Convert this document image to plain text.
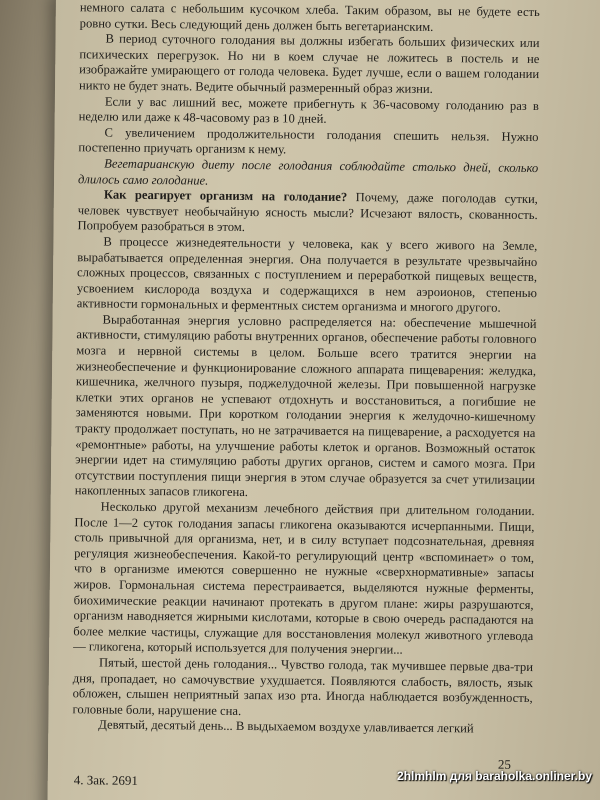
немного салата с небольшим кусочком хлеба. Таким образом, вы не будете есть ровно сутки. Весь следующий день должен быть вегетарианским.

В период суточного голодания вы должны избегать больших физических или психических перегрузок. Но ни в коем случае не ложитесь в постель и не изображайте умирающего от голода человека. Будет лучше, если о вашем голодании никто не будет знать. Ведите обычный размеренный образ жизни.

Если у вас лишний вес, можете прибегнуть к 36-часовому голоданию раз в неделю или даже к 48-часовому раз в 10 дней.

С увеличением продолжительности голодания спешить нельзя. Нужно постепенно приучать организм к нему.

Вегетарианскую диету после голодания соблюдайте столько дней, сколько длилось само голодание.

Как реагирует организм на голодание? Почему, даже поголодав сутки, человек чувствует необычайную ясность мысли? Исчезают вялость, скованность. Попробуем разобраться в этом.

В процессе жизнедеятельности у человека, как у всего живого на Земле, вырабатывается определенная энергия. Она получается в результате чрезвычайно сложных процессов, связанных с поступлением и переработкой пищевых веществ, усвоением кислорода воздуха и содержащихся в нем аэроионов, степенью активности гормональных и ферментных систем организма и многого другого.

Выработанная энергия условно распределяется на: обеспечение мышечной активности, стимуляцию работы внутренних органов, обеспечение работы головного мозга и нервной системы в целом. Больше всего тратится энергии на жизнеобеспечение и функционирование сложного аппарата пищеварения: желудка, кишечника, желчного пузыря, поджелудочной железы. При повышенной нагрузке клетки этих органов не успевают отдохнуть и восстановиться, а погибшие не заменяются новыми. При коротком голодании энергия к желудочно-кишечному тракту продолжает поступать, но не затрачивается на пищеварение, а расходуется на «ремонтные» работы, на улучшение работы клеток и органов. Возможный остаток энергии идет на стимуляцию работы других органов, систем и самого мозга. При отсутствии поступления пищи энергия в этом случае образуется за счет утилизации накопленных запасов гликогена.

Несколько другой механизм лечебного действия при длительном голодании. После 1—2 суток голодания запасы гликогена оказываются исчерпанными. Пищи, столь привычной для организма, нет, и в силу вступает подсознательная, древняя регуляция жизнеобеспечения. Какой-то регулирующий центр «вспоминает» о том, что в организме имеются совершенно не нужные «сверхнормативные» запасы жиров. Гормональная система перестраивается, выделяются нужные ферменты, биохимические реакции начинают протекать в другом плане: жиры разрушаются, организм наводняется жирными кислотами, которые в свою очередь распадаются на более мелкие частицы, служащие для восстановления молекул животного углевода — гликогена, который используется для получения энергии...

Пятый, шестой день голодания... Чувство голода, так мучившее первые два-три дня, пропадает, но самочувствие ухудшается. Появляются слабость, вялость, язык обложен, слышен неприятный запах изо рта. Иногда наблюдается возбужденность, головные боли, нарушение сна.

Девятый, десятый день... В выдыхаемом воздухе улавливается легкий

25
4. Зак. 2691	2hlmhlm для baraholka.onliner.by
